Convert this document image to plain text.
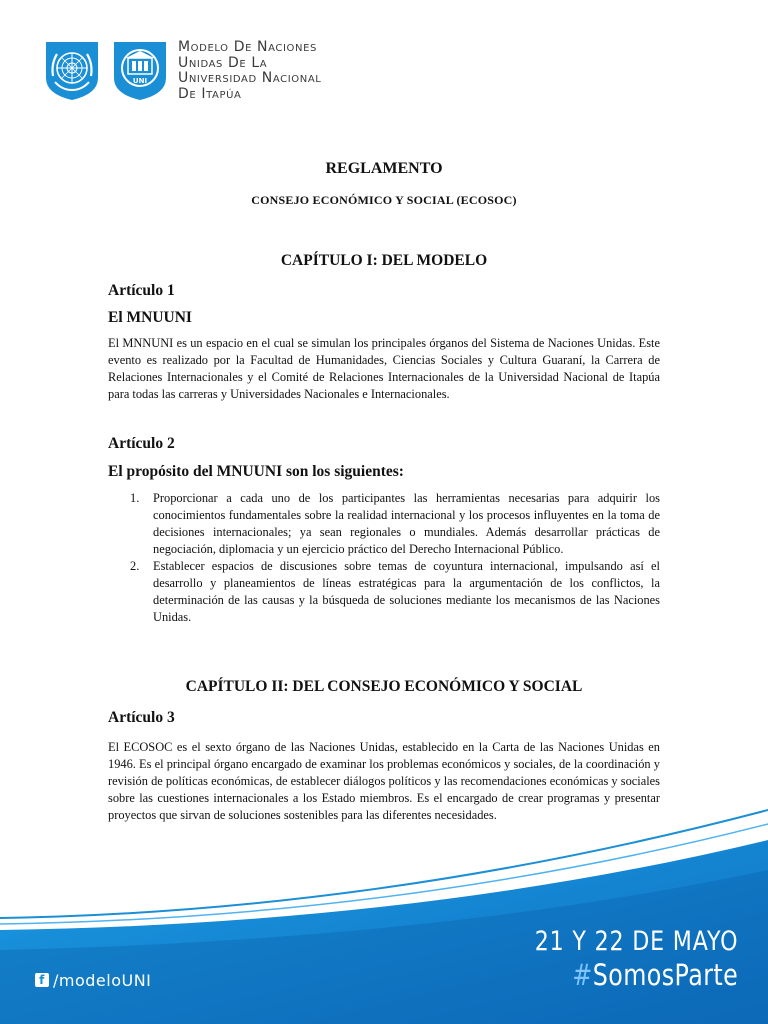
UNI
Modelo De Naciones
Unidas De La
Universidad Nacional
De Itapúa
REGLAMENTO
CONSEJO ECONÓMICO Y SOCIAL (ECOSOC)
CAPÍTULO I: DEL MODELO
Artículo 1
El MNUUNI
El MNNUNI es un espacio en el cual se simulan los principales órganos del Sistema de Naciones Unidas. Este evento es realizado por la Facultad de Humanidades, Ciencias Sociales y Cultura Guaraní, la Carrera de Relaciones Internacionales y el Comité de Relaciones Internacionales de la Universidad Nacional de Itapúa para todas las carreras y Universidades Nacionales e Internacionales.
Artículo 2
El propósito del MNUUNI son los siguientes:
1. Proporcionar a cada uno de los participantes las herramientas necesarias para adquirir los conocimientos fundamentales sobre la realidad internacional y los procesos influyentes en la toma de decisiones internacionales; ya sean regionales o mundiales. Además desarrollar prácticas de negociación, diplomacia y un ejercicio práctico del Derecho Internacional Público.
2. Establecer espacios de discusiones sobre temas de coyuntura internacional, impulsando así el desarrollo y planeamientos de líneas estratégicas para la argumentación de los conflictos, la determinación de las causas y la búsqueda de soluciones mediante los mecanismos de las Naciones Unidas.
CAPÍTULO II: DEL CONSEJO ECONÓMICO Y SOCIAL
Artículo 3
El ECOSOC es el sexto órgano de las Naciones Unidas, establecido en la Carta de las Naciones Unidas en 1946. Es el principal órgano encargado de examinar los problemas económicos y sociales, de la coordinación y revisión de políticas económicas, de establecer diálogos políticos y las recomendaciones económicas y sociales sobre las cuestiones internacionales a los Estado miembros. Es el encargado de crear programas y presentar proyectos que sirvan de soluciones sostenibles para las diferentes necesidades.
f /modeloUNI
21 Y 22 DE MAYO
#SomosParte
